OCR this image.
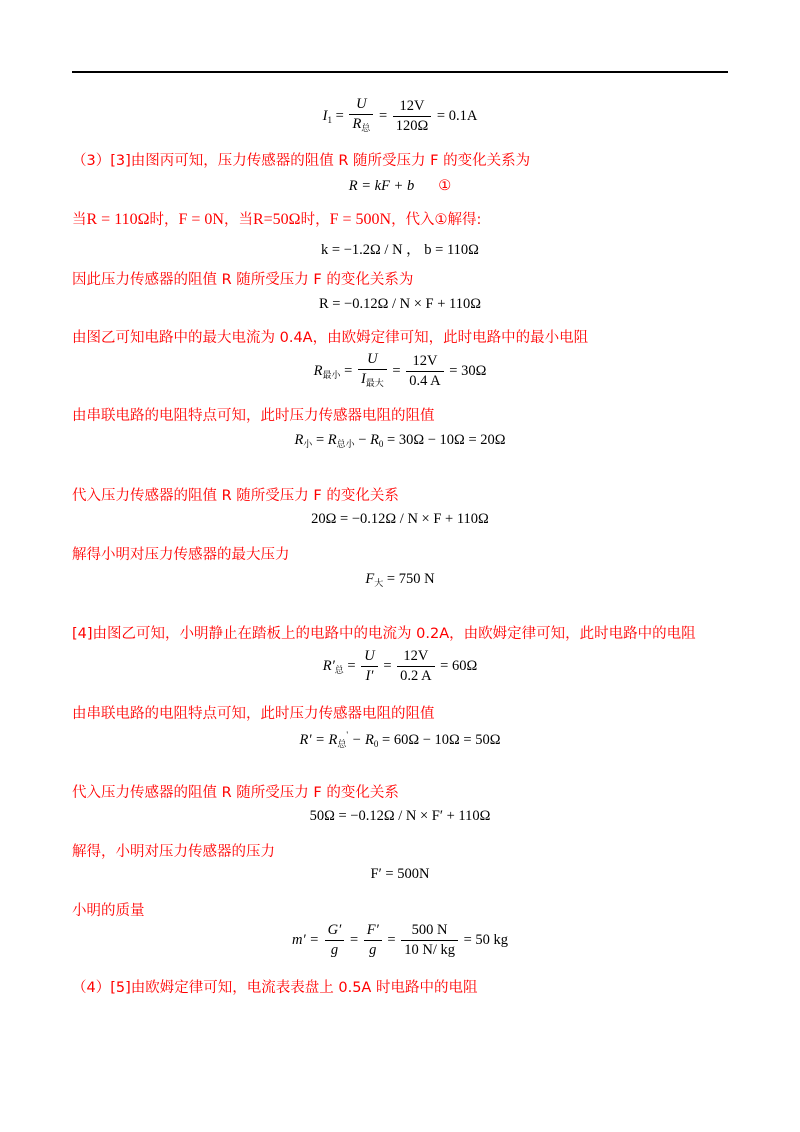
$I_1 = \frac{U}{R_总} = \frac{12V}{120\Omega} = 0.1A$
（3）[3]由图丙可知，压力传感器的阻值 R 随所受压力 F 的变化关系为
R = kF + b ①
当R = 110Ω时，F = 0N，当R=50Ω时，F = 500N，代入①解得:
k = −1.2Ω / N ， b = 110Ω
因此压力传感器的阻值 R 随所受压力 F 的变化关系为
R = −0.12Ω / N × F + 110Ω
由图乙可知电路中的最大电流为 0.4A，由欧姆定律可知，此时电路中的最小电阻
$R_{最小} = \frac{U}{I_{最大}} = \frac{12V}{0.4 A} = 30\Omega$
由串联电路的电阻特点可知，此时压力传感器电阻的阻值
$R_小 = R_{总小} - R_0 = 30\Omega - 10\Omega = 20\Omega$
代入压力传感器的阻值 R 随所受压力 F 的变化关系
20Ω = −0.12Ω / N × F + 110Ω
解得小明对压力传感器的最大压力
$F_大 = 750$ N
[4]由图乙可知，小明静止在踏板上的电路中的电流为 0.2A，由欧姆定律可知，此时电路中的电阻
$R'_总 = \frac{U}{I'} = \frac{12V}{0.2 A} = 60\Omega$
由串联电路的电阻特点可知，此时压力传感器电阻的阻值
$R' = R_总' - R_0 = 60\Omega - 10\Omega = 50\Omega$
代入压力传感器的阻值 R 随所受压力 F 的变化关系
50Ω = −0.12Ω / N × F′ + 110Ω
解得，小明对压力传感器的压力
F′ = 500N
小明的质量
$m' = \frac{G'}{g} = \frac{F'}{g} = \frac{500 N}{10 N/ kg} = 50$ kg
（4）[5]由欧姆定律可知，电流表表盘上 0.5A 时电路中的电阻
